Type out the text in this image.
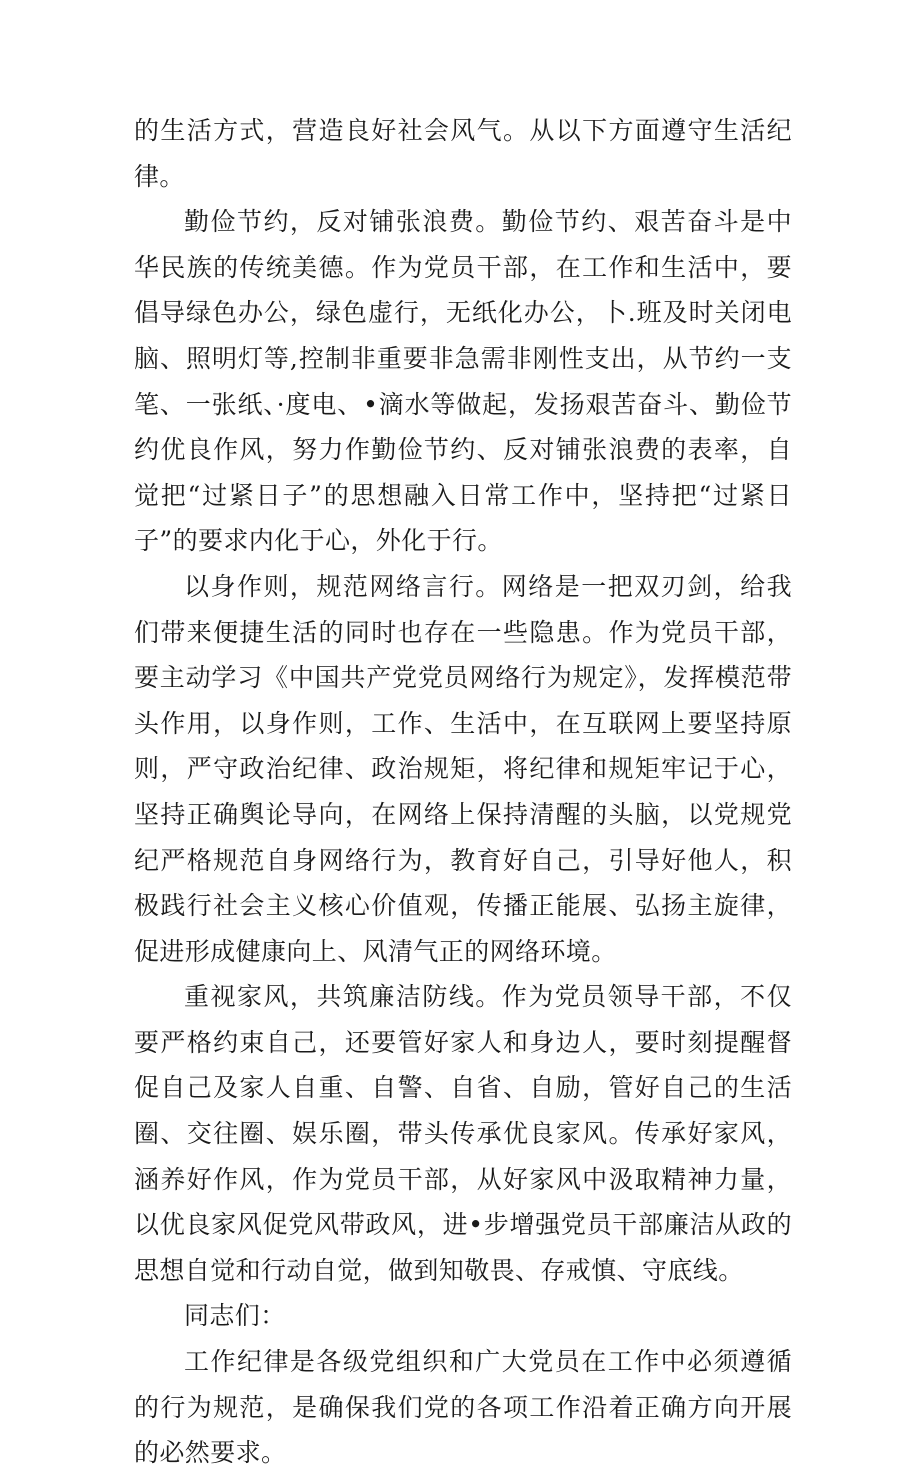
的生活方式，营造良好社会风气。从以下方面遵守生活纪律。

勤俭节约，反对铺张浪费。勤俭节约、艰苦奋斗是中华民族的传统美德。作为党员干部，在工作和生活中，要倡导绿色办公，绿色虚行，无纸化办公，卜.班及时关闭电脑、照明灯等,控制非重要非急需非刚性支出，从节约一支笔、一张纸、·度电、•滴水等做起，发扬艰苦奋斗、勤俭节约优良作风，努力作勤俭节约、反对铺张浪费的表率，自觉把“过紧日子”的思想融入日常工作中，坚持把“过紧日子”的要求内化于心，外化于行。

以身作则，规范网络言行。网络是一把双刃剑，给我们带来便捷生活的同时也存在一些隐患。作为党员干部，要主动学习《中国共产党党员网络行为规定》，发挥模范带头作用，以身作则，工作、生活中，在互联网上要坚持原则，严守政治纪律、政治规矩，将纪律和规矩牢记于心，坚持正确舆论导向，在网络上保持清醒的头脑，以党规党纪严格规范自身网络行为，教育好自己，引导好他人，积极践行社会主义核心价值观，传播正能展、弘扬主旋律，促进形成健康向上、风清气正的网络环境。

重视家风，共筑廉洁防线。作为党员领导干部，不仅要严格约束自己，还要管好家人和身边人，要时刻提醒督促自己及家人自重、自警、自省、自励，管好自己的生活圈、交往圈、娱乐圈，带头传承优良家风。传承好家风，涵养好作风，作为党员干部，从好家风中汲取精神力量，以优良家风促党风带政风，进•步增强党员干部廉洁从政的思想自觉和行动自觉，做到知敬畏、存戒慎、守底线。

同志们：

工作纪律是各级党组织和广大党员在工作中必须遵循的行为规范，是确保我们党的各项工作沿着正确方向开展的必然要求。
